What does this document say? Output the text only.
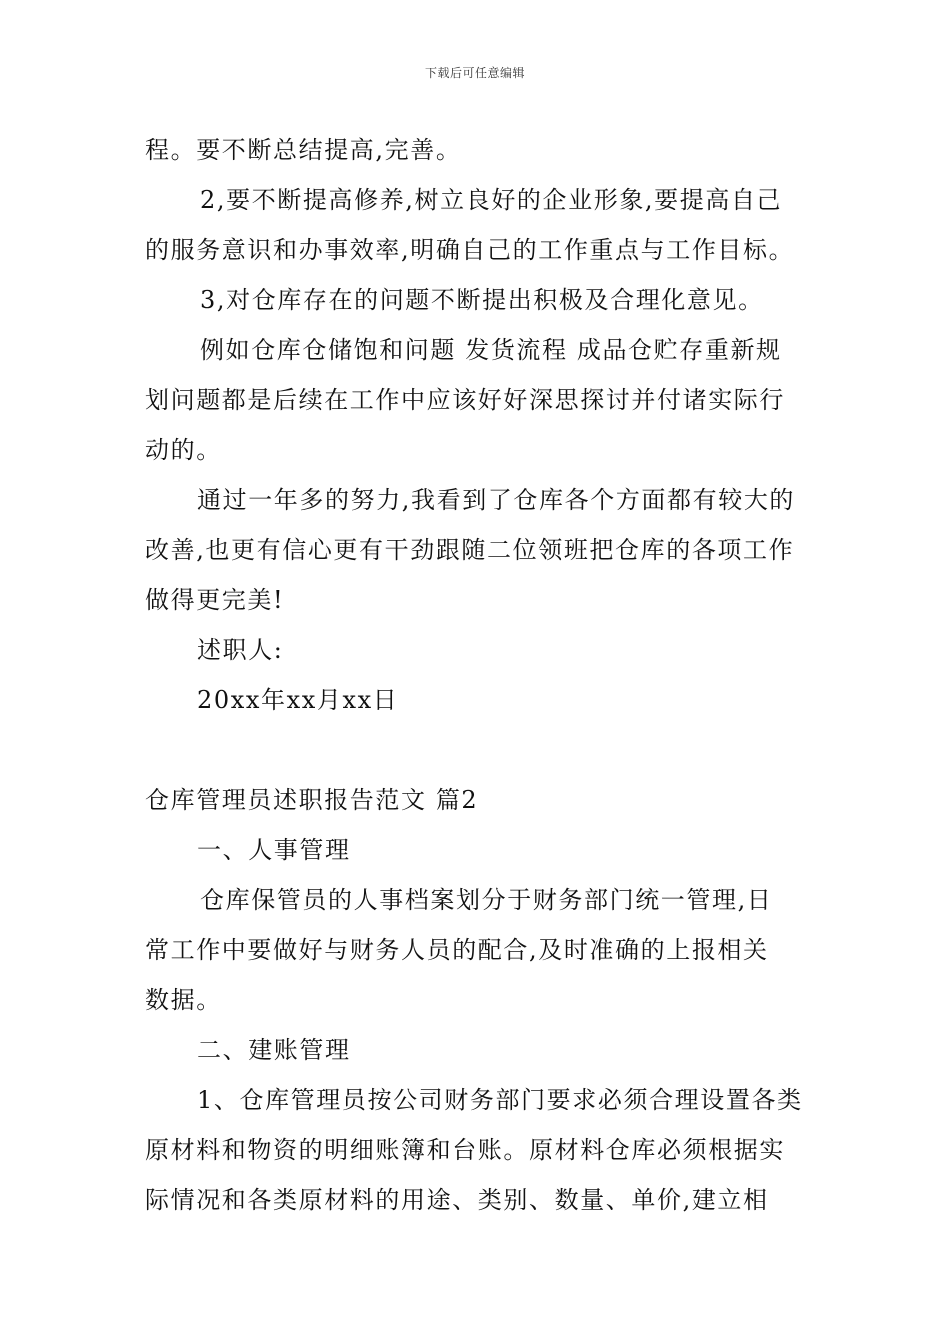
下载后可任意编辑
程。要不断总结提高,完善。
2,要不断提高修养,树立良好的企业形象,要提高自己
的服务意识和办事效率,明确自己的工作重点与工作目标。
3,对仓库存在的问题不断提出积极及合理化意见。
例如仓库仓储饱和问题 发货流程 成品仓贮存重新规
划问题都是后续在工作中应该好好深思探讨并付诸实际行
动的。
通过一年多的努力,我看到了仓库各个方面都有较大的
改善,也更有信心更有干劲跟随二位领班把仓库的各项工作
做得更完美!
述职人:
20xx年xx月xx日
仓库管理员述职报告范文 篇2
一、人事管理
仓库保管员的人事档案划分于财务部门统一管理,日
常工作中要做好与财务人员的配合,及时准确的上报相关
数据。
二、建账管理
1、仓库管理员按公司财务部门要求必须合理设置各类
原材料和物资的明细账簿和台账。原材料仓库必须根据实
际情况和各类原材料的用途、类别、数量、单价,建立相
